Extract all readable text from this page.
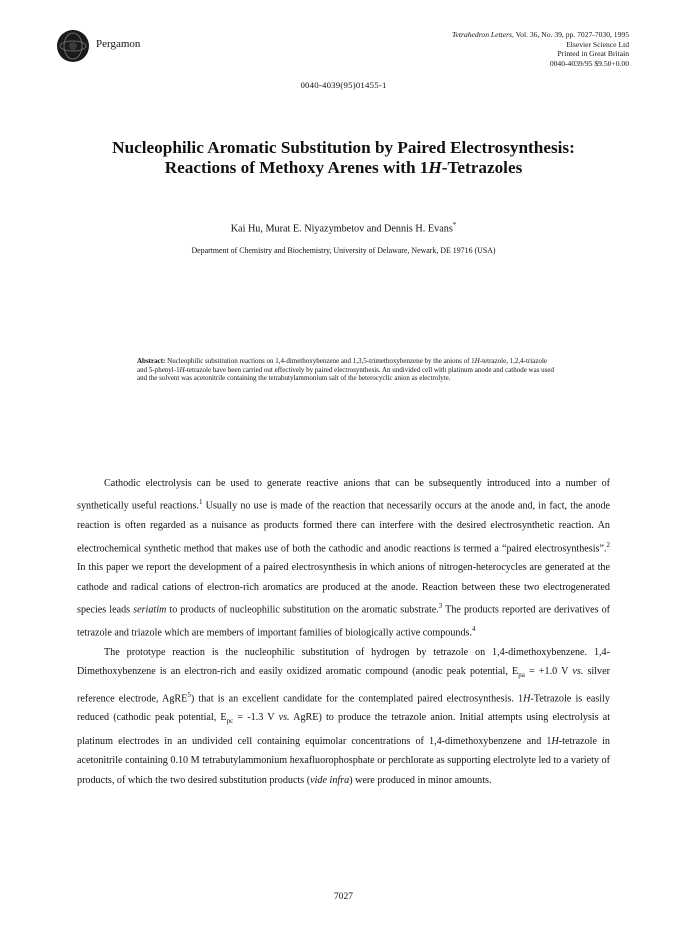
Pergamon
Tetrahedron Letters, Vol. 36, No. 39, pp. 7027-7030, 1995
Elsevier Science Ltd
Printed in Great Britain
0040-4039/95 $9.50+0.00
0040-4039(95)01455-1
Nucleophilic Aromatic Substitution by Paired Electrosynthesis:
Reactions of Methoxy Arenes with 1H-Tetrazoles
Kai Hu, Murat E. Niyazymbetov and Dennis H. Evans*
Department of Chemistry and Biochemistry, University of Delaware, Newark, DE 19716 (USA)
Abstract: Nucleophilic substitution reactions on 1,4-dimethoxybenzene and 1,3,5-trimethoxybenzene by the anions of 1H-tetrazole, 1,2,4-triazole and 5-phenyl-1H-tetrazole have been carried out effectively by paired electrosynthesis. An undivided cell with platinum anode and cathode was used and the solvent was acetonitrile containing the tetrabutylammonium salt of the heterocyclic anion as electrolyte.

Cathodic electrolysis can be used to generate reactive anions that can be subsequently introduced into a number of synthetically useful reactions.$^1$ Usually no use is made of the reaction that necessarily occurs at the anode and, in fact, the anode reaction is often regarded as a nuisance as products formed there can interfere with the desired electrosynthetic reaction. An electrochemical synthetic method that makes use of both the cathodic and anodic reactions is termed a “paired electrosynthesis”.$^2$ In this paper we report the development of a paired electrosynthesis in which anions of nitrogen-heterocycles are generated at the cathode and radical cations of electron-rich aromatics are produced at the anode. Reaction between these two electrogenerated species leads seriatim to products of nucleophilic substitution on the aromatic substrate.$^3$ The products reported are derivatives of tetrazole and triazole which are members of important families of biologically active compounds.$^4$

The prototype reaction is the nucleophilic substitution of hydrogen by tetrazole on 1,4-dimethoxybenzene. 1,4-Dimethoxybenzene is an electron-rich and easily oxidized aromatic compound (anodic peak potential, $E_{pa} = +1.0$ V vs. silver reference electrode, AgRE$^5$) that is an excellent candidate for the contemplated paired electrosynthesis. 1H-Tetrazole is easily reduced (cathodic peak potential, $E_{pc} = -1.3$ V vs. AgRE) to produce the tetrazole anion. Initial attempts using electrolysis at platinum electrodes in an undivided cell containing equimolar concentrations of 1,4-dimethoxybenzene and 1H-tetrazole in acetonitrile containing 0.10 M tetrabutylammonium hexafluorophosphate or perchlorate as supporting electrolyte led to a variety of products, of which the two desired substitution products (vide infra) were produced in minor amounts.

7027
